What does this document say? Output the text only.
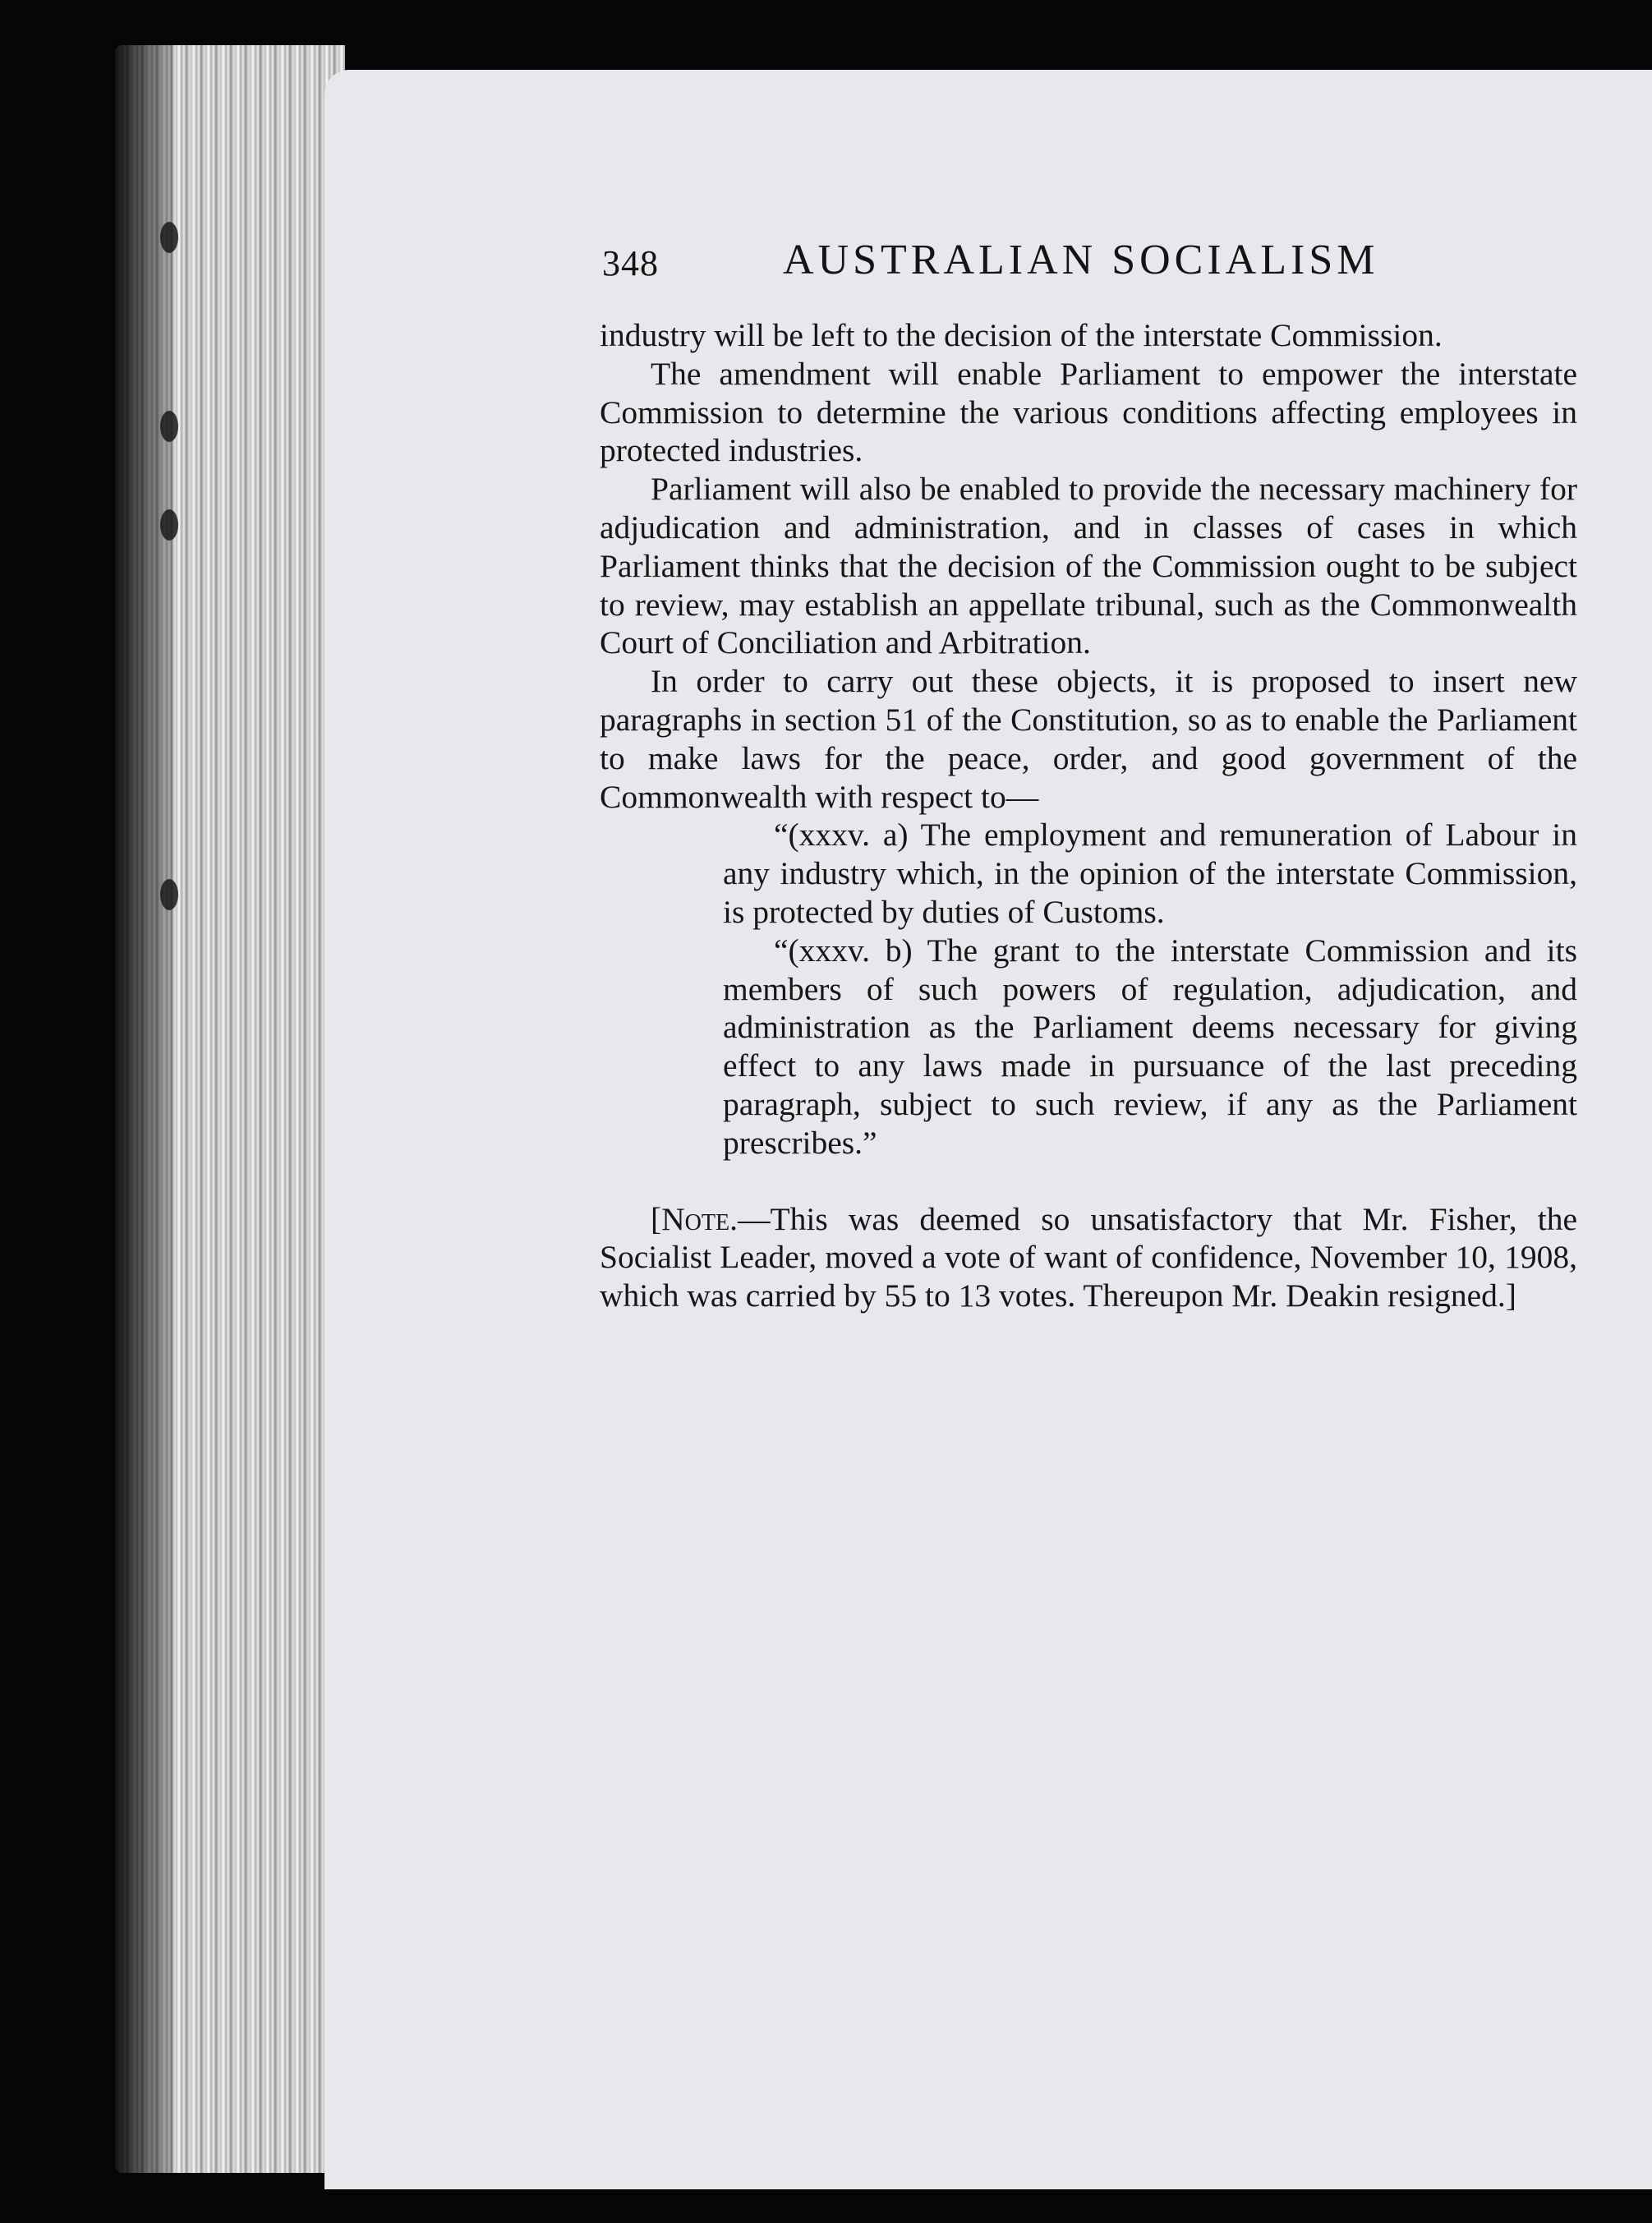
348	AUSTRALIAN SOCIALISM

industry will be left to the decision of the interstate Commission.

The amendment will enable Parliament to empower the interstate Commission to determine the various conditions affecting employees in protected industries.

Parliament will also be enabled to provide the necessary machinery for adjudication and administration, and in classes of cases in which Parliament thinks that the decision of the Commission ought to be subject to review, may establish an appellate tribunal, such as the Commonwealth Court of Conciliation and Arbitration.

In order to carry out these objects, it is proposed to insert new paragraphs in section 51 of the Constitution, so as to enable the Parliament to make laws for the peace, order, and good government of the Commonwealth with respect to—

“(xxxv. a) The employment and remuneration of Labour in any industry which, in the opinion of the interstate Commission, is protected by duties of Customs.

“(xxxv. b) The grant to the interstate Commission and its members of such powers of regulation, adjudication, and administration as the Parliament deems necessary for giving effect to any laws made in pursuance of the last preceding paragraph, subject to such review, if any as the Parliament prescribes.”

[Note.—This was deemed so unsatisfactory that Mr. Fisher, the Socialist Leader, moved a vote of want of confidence, November 10, 1908, which was carried by 55 to 13 votes. Thereupon Mr. Deakin resigned.]
